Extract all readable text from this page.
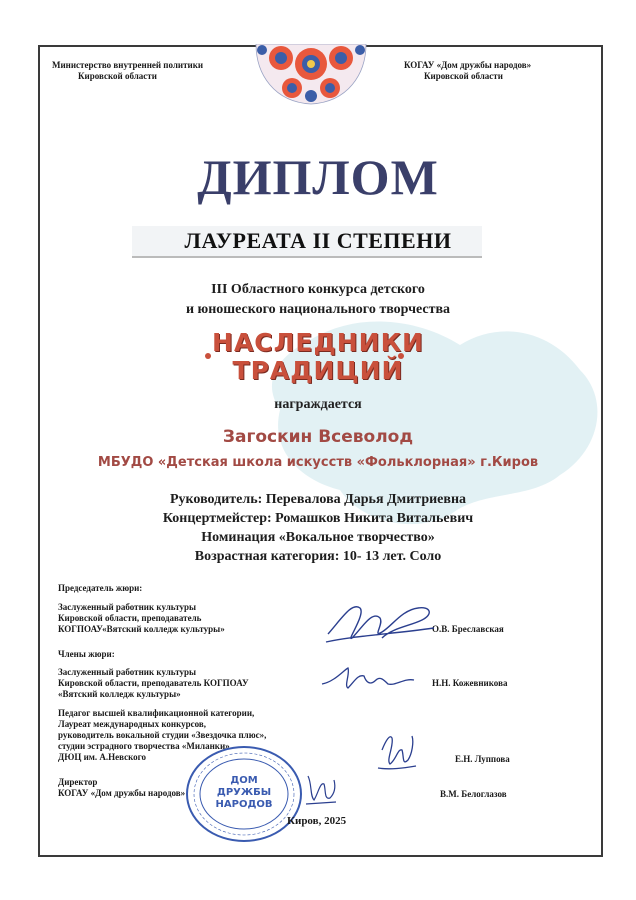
Министерство внутренней политики
Кировской области
КОГАУ «Дом дружбы народов»
Кировской области
ДИПЛОМ
ЛАУРЕАТА II СТЕПЕНИ
III Областного конкурса детского
и юношеского национального творчества
НАСЛЕДНИКИ
ТРАДИЦИЙ
награждается
Загоскин Всеволод
МБУДО «Детская школа искусств «Фольклорная» г.Киров
Руководитель: Перевалова Дарья Дмитриевна
Концертмейстер: Ромашков Никита Витальевич
Номинация «Вокальное творчество»
Возрастная категория: 10- 13 лет. Соло
Председатель жюри:
Заслуженный работник культуры
Кировской области, преподаватель
КОГПОАУ«Вятский колледж культуры»	О.В. Бреславская
Члены жюри:
Заслуженный работник культуры
Кировской области, преподаватель КОГПОАУ
«Вятский колледж культуры»
Н.Н. Кожевникова
Педагог высшей квалификационной категории,
Лауреат международных конкурсов,
руководитель вокальной студии «Звездочка плюс»,
студии эстрадного творчества «Миланки»
ДЮЦ им. А.Невского	Е.Н. Луппова
Директор
КОГАУ «Дом дружбы народов»	В.М. Белоглазов
ДОМ
ДРУЖБЫ
НАРОДОВ
Киров, 2025
